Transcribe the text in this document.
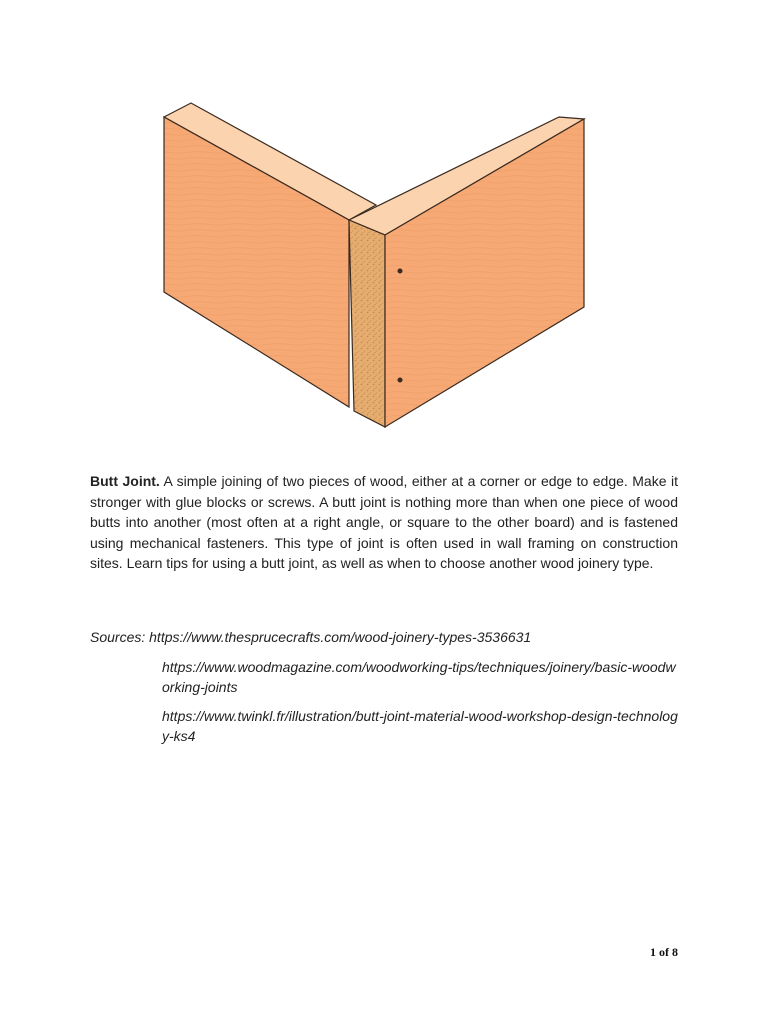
Butt Joint. A simple joining of two pieces of wood, either at a corner or edge to edge. Make it stronger with glue blocks or screws. A butt joint is nothing more than when one piece of wood butts into another (most often at a right angle, or square to the other board) and is fastened using mechanical fasteners. This type of joint is often used in wall framing on construction sites. Learn tips for using a butt joint, as well as when to choose another wood joinery type.

Sources: https://www.thesprucecrafts.com/wood-joinery-types-3536631
https://www.woodmagazine.com/woodworking-tips/techniques/joinery/basic-woodworking-joints
https://www.twinkl.fr/illustration/butt-joint-material-wood-workshop-design-technology-ks4
1 of 8
